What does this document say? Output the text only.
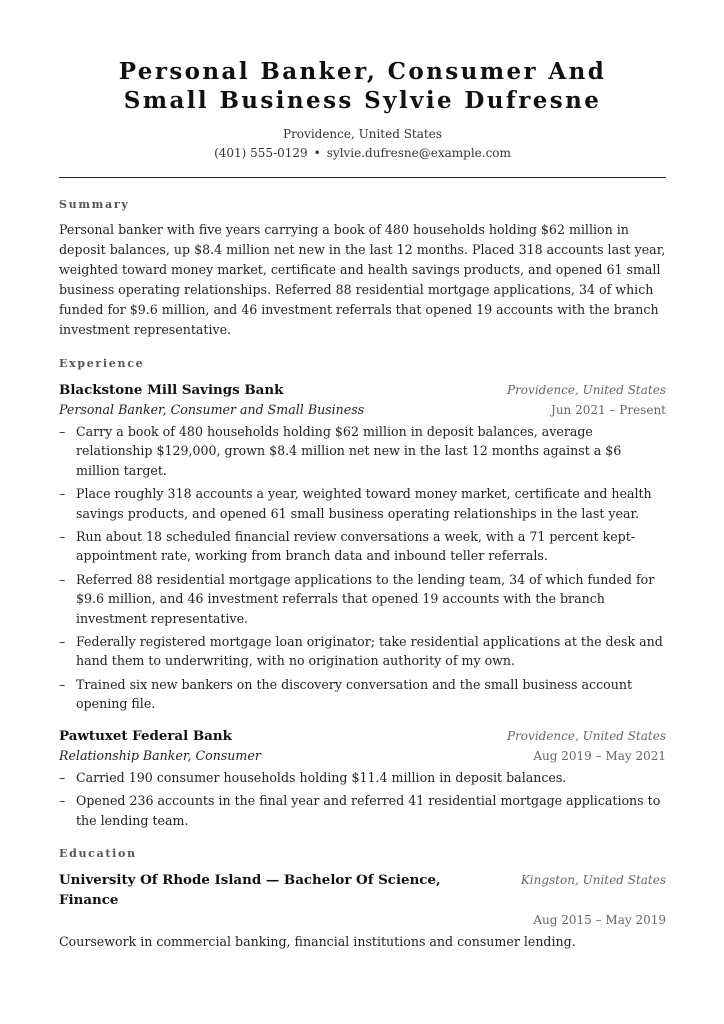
Personal Banker, Consumer And
Small Business Sylvie Dufresne
Providence, United States
(401) 555-0129 • sylvie.dufresne@example.com
Summary
Personal banker with five years carrying a book of 480 households holding $62 million in deposit balances, up $8.4 million net new in the last 12 months. Placed 318 accounts last year, weighted toward money market, certificate and health savings products, and opened 61 small business operating relationships. Referred 88 residential mortgage applications, 34 of which funded for $9.6 million, and 46 investment referrals that opened 19 accounts with the branch investment representative.
Experience
Blackstone Mill Savings Bank	Providence, United States
Personal Banker, Consumer and Small Business	Jun 2021 – Present
– Carry a book of 480 households holding $62 million in deposit balances, average relationship $129,000, grown $8.4 million net new in the last 12 months against a $6 million target.
– Place roughly 318 accounts a year, weighted toward money market, certificate and health savings products, and opened 61 small business operating relationships in the last year.
– Run about 18 scheduled financial review conversations a week, with a 71 percent kept-appointment rate, working from branch data and inbound teller referrals.
– Referred 88 residential mortgage applications to the lending team, 34 of which funded for $9.6 million, and 46 investment referrals that opened 19 accounts with the branch investment representative.
– Federally registered mortgage loan originator; take residential applications at the desk and hand them to underwriting, with no origination authority of my own.
– Trained six new bankers on the discovery conversation and the small business account opening file.
Pawtuxet Federal Bank	Providence, United States
Relationship Banker, Consumer	Aug 2019 – May 2021
– Carried 190 consumer households holding $11.4 million in deposit balances.
– Opened 236 accounts in the final year and referred 41 residential mortgage applications to the lending team.
Education
University Of Rhode Island — Bachelor Of Science, Finance
Kingston, United States
Aug 2015 – May 2019
Coursework in commercial banking, financial institutions and consumer lending.
